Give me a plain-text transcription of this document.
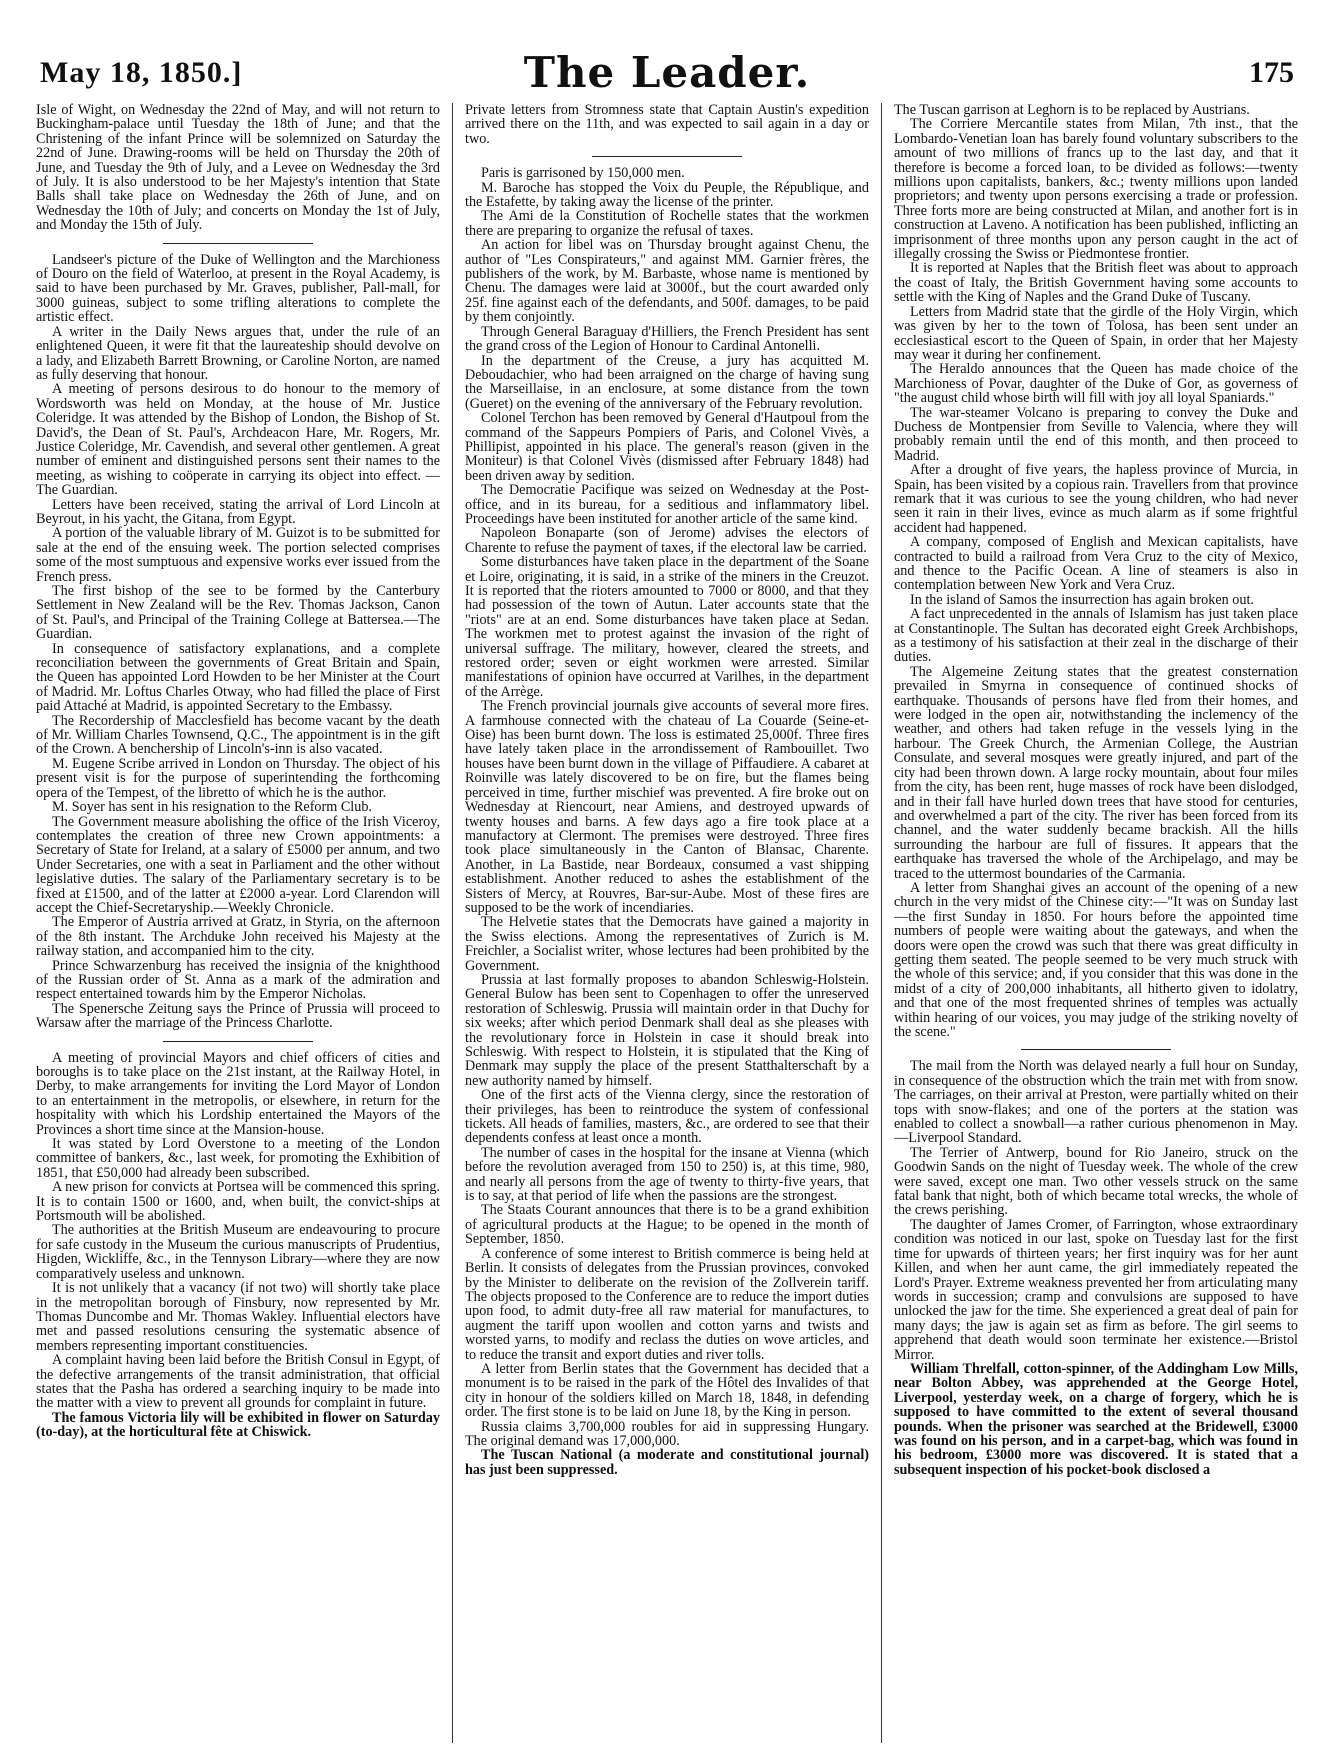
May 18, 1850.]	The Leader.	175

Isle of Wight, on Wednesday the 22nd of May, and will not return to Buckingham-palace until Tuesday the 18th of June; and that the Christening of the infant Prince will be solemnized on Saturday the 22nd of June. Drawing-rooms will be held on Thursday the 20th of June, and Tuesday the 9th of July, and a Levee on Wednesday the 3rd of July. It is also understood to be her Majesty's intention that State Balls shall take place on Wednesday the 26th of June, and on Wednesday the 10th of July; and concerts on Monday the 1st of July, and Monday the 15th of July.

Landseer's picture of the Duke of Wellington and the Marchioness of Douro on the field of Waterloo, at present in the Royal Academy, is said to have been purchased by Mr. Graves, publisher, Pall-mall, for 3000 guineas, subject to some trifling alterations to complete the artistic effect.

A writer in the Daily News argues that, under the rule of an enlightened Queen, it were fit that the laureateship should devolve on a lady, and Elizabeth Barrett Browning, or Caroline Norton, are named as fully deserving that honour.

A meeting of persons desirous to do honour to the memory of Wordsworth was held on Monday, at the house of Mr. Justice Coleridge. It was attended by the Bishop of London, the Bishop of St. David's, the Dean of St. Paul's, Archdeacon Hare, Mr. Rogers, Mr. Justice Coleridge, Mr. Cavendish, and several other gentlemen. A great number of eminent and distinguished persons sent their names to the meeting, as wishing to coöperate in carrying its object into effect. — The Guardian.

Letters have been received, stating the arrival of Lord Lincoln at Beyrout, in his yacht, the Gitana, from Egypt.

A portion of the valuable library of M. Guizot is to be submitted for sale at the end of the ensuing week. The portion selected comprises some of the most sumptuous and expensive works ever issued from the French press.

The first bishop of the see to be formed by the Canterbury Settlement in New Zealand will be the Rev. Thomas Jackson, Canon of St. Paul's, and Principal of the Training College at Battersea.—The Guardian.

In consequence of satisfactory explanations, and a complete reconciliation between the governments of Great Britain and Spain, the Queen has appointed Lord Howden to be her Minister at the Court of Madrid. Mr. Loftus Charles Otway, who had filled the place of First paid Attaché at Madrid, is appointed Secretary to the Embassy.

The Recordership of Macclesfield has become vacant by the death of Mr. William Charles Townsend, Q.C., The appointment is in the gift of the Crown. A benchership of Lincoln's-inn is also vacated.

M. Eugene Scribe arrived in London on Thursday. The object of his present visit is for the purpose of superintending the forthcoming opera of the Tempest, of the libretto of which he is the author.

M. Soyer has sent in his resignation to the Reform Club.

The Government measure abolishing the office of the Irish Viceroy, contemplates the creation of three new Crown appointments: a Secretary of State for Ireland, at a salary of £5000 per annum, and two Under Secretaries, one with a seat in Parliament and the other without legislative duties. The salary of the Parliamentary secretary is to be fixed at £1500, and of the latter at £2000 a-year. Lord Clarendon will accept the Chief-Secretaryship.—Weekly Chronicle.

The Emperor of Austria arrived at Gratz, in Styria, on the afternoon of the 8th instant. The Archduke John received his Majesty at the railway station, and accompanied him to the city.

Prince Schwarzenburg has received the insignia of the knighthood of the Russian order of St. Anna as a mark of the admiration and respect entertained towards him by the Emperor Nicholas.

The Spenersche Zeitung says the Prince of Prussia will proceed to Warsaw after the marriage of the Princess Charlotte.

A meeting of provincial Mayors and chief officers of cities and boroughs is to take place on the 21st instant, at the Railway Hotel, in Derby, to make arrangements for inviting the Lord Mayor of London to an entertainment in the metropolis, or elsewhere, in return for the hospitality with which his Lordship entertained the Mayors of the Provinces a short time since at the Mansion-house.

It was stated by Lord Overstone to a meeting of the London committee of bankers, &c., last week, for promoting the Exhibition of 1851, that £50,000 had already been subscribed.

A new prison for convicts at Portsea will be commenced this spring. It is to contain 1500 or 1600, and, when built, the convict-ships at Portsmouth will be abolished.

The authorities at the British Museum are endeavouring to procure for safe custody in the Museum the curious manuscripts of Prudentius, Higden, Wickliffe, &c., in the Tennyson Library—where they are now comparatively useless and unknown.

It is not unlikely that a vacancy (if not two) will shortly take place in the metropolitan borough of Finsbury, now represented by Mr. Thomas Duncombe and Mr. Thomas Wakley. Influential electors have met and passed resolutions censuring the systematic absence of members representing important constituencies.

A complaint having been laid before the British Consul in Egypt, of the defective arrangements of the transit administration, that official states that the Pasha has ordered a searching inquiry to be made into the matter with a view to prevent all grounds for complaint in future.

The famous Victoria lily will be exhibited in flower on Saturday (to-day), at the horticultural fête at Chiswick.

Private letters from Stromness state that Captain Austin's expedition arrived there on the 11th, and was expected to sail again in a day or two.

Paris is garrisoned by 150,000 men.

M. Baroche has stopped the Voix du Peuple, the République, and the Estafette, by taking away the license of the printer.

The Ami de la Constitution of Rochelle states that the workmen there are preparing to organize the refusal of taxes.

An action for libel was on Thursday brought against Chenu, the author of "Les Conspirateurs," and against MM. Garnier frères, the publishers of the work, by M. Barbaste, whose name is mentioned by Chenu. The damages were laid at 3000f., but the court awarded only 25f. fine against each of the defendants, and 500f. damages, to be paid by them conjointly.

Through General Baraguay d'Hilliers, the French President has sent the grand cross of the Legion of Honour to Cardinal Antonelli.

In the department of the Creuse, a jury has acquitted M. Deboudachier, who had been arraigned on the charge of having sung the Marseillaise, in an enclosure, at some distance from the town (Gueret) on the evening of the anniversary of the February revolution.

Colonel Terchon has been removed by General d'Hautpoul from the command of the Sappeurs Pompiers of Paris, and Colonel Vivès, a Phillipist, appointed in his place. The general's reason (given in the Moniteur) is that Colonel Vivès (dismissed after February 1848) had been driven away by sedition.

The Democratie Pacifique was seized on Wednesday at the Post-office, and in its bureau, for a seditious and inflammatory libel. Proceedings have been instituted for another article of the same kind.

Napoleon Bonaparte (son of Jerome) advises the electors of Charente to refuse the payment of taxes, if the electoral law be carried.

Some disturbances have taken place in the department of the Soane et Loire, originating, it is said, in a strike of the miners in the Creuzot. It is reported that the rioters amounted to 7000 or 8000, and that they had possession of the town of Autun. Later accounts state that the "riots" are at an end. Some disturbances have taken place at Sedan. The workmen met to protest against the invasion of the right of universal suffrage. The military, however, cleared the streets, and restored order; seven or eight workmen were arrested. Similar manifestations of opinion have occurred at Varilhes, in the department of the Arrège.

The French provincial journals give accounts of several more fires. A farmhouse connected with the chateau of La Couarde (Seine-et-Oise) has been burnt down. The loss is estimated 25,000f. Three fires have lately taken place in the arrondissement of Rambouillet. Two houses have been burnt down in the village of Piffaudiere. A cabaret at Roinville was lately discovered to be on fire, but the flames being perceived in time, further mischief was prevented. A fire broke out on Wednesday at Riencourt, near Amiens, and destroyed upwards of twenty houses and barns. A few days ago a fire took place at a manufactory at Clermont. The premises were destroyed. Three fires took place simultaneously in the Canton of Blansac, Charente. Another, in La Bastide, near Bordeaux, consumed a vast shipping establishment. Another reduced to ashes the establishment of the Sisters of Mercy, at Rouvres, Bar-sur-Aube. Most of these fires are supposed to be the work of incendiaries.

The Helvetie states that the Democrats have gained a majority in the Swiss elections. Among the representatives of Zurich is M. Freichler, a Socialist writer, whose lectures had been prohibited by the Government.

Prussia at last formally proposes to abandon Schleswig-Holstein. General Bulow has been sent to Copenhagen to offer the unreserved restoration of Schleswig. Prussia will maintain order in that Duchy for six weeks; after which period Denmark shall deal as she pleases with the revolutionary force in Holstein in case it should break into Schleswig. With respect to Holstein, it is stipulated that the King of Denmark may supply the place of the present Statthalterschaft by a new authority named by himself.

One of the first acts of the Vienna clergy, since the restoration of their privileges, has been to reintroduce the system of confessional tickets. All heads of families, masters, &c., are ordered to see that their dependents confess at least once a month.

The number of cases in the hospital for the insane at Vienna (which before the revolution averaged from 150 to 250) is, at this time, 980, and nearly all persons from the age of twenty to thirty-five years, that is to say, at that period of life when the passions are the strongest.

The Staats Courant announces that there is to be a grand exhibition of agricultural products at the Hague; to be opened in the month of September, 1850.

A conference of some interest to British commerce is being held at Berlin. It consists of delegates from the Prussian provinces, convoked by the Minister to deliberate on the revision of the Zollverein tariff. The objects proposed to the Conference are to reduce the import duties upon food, to admit duty-free all raw material for manufactures, to augment the tariff upon woollen and cotton yarns and twists and worsted yarns, to modify and reclass the duties on wove articles, and to reduce the transit and export duties and river tolls.

A letter from Berlin states that the Government has decided that a monument is to be raised in the park of the Hôtel des Invalides of that city in honour of the soldiers killed on March 18, 1848, in defending order. The first stone is to be laid on June 18, by the King in person.

Russia claims 3,700,000 roubles for aid in suppressing Hungary. The original demand was 17,000,000.

The Tuscan National (a moderate and constitutional journal) has just been suppressed.

The Tuscan garrison at Leghorn is to be replaced by Austrians.

The Corriere Mercantile states from Milan, 7th inst., that the Lombardo-Venetian loan has barely found voluntary subscribers to the amount of two millions of francs up to the last day, and that it therefore is become a forced loan, to be divided as follows:—twenty millions upon capitalists, bankers, &c.; twenty millions upon landed proprietors; and twenty upon persons exercising a trade or profession. Three forts more are being constructed at Milan, and another fort is in construction at Laveno. A notification has been published, inflicting an imprisonment of three months upon any person caught in the act of illegally crossing the Swiss or Piedmontese frontier.

It is reported at Naples that the British fleet was about to approach the coast of Italy, the British Government having some accounts to settle with the King of Naples and the Grand Duke of Tuscany.

Letters from Madrid state that the girdle of the Holy Virgin, which was given by her to the town of Tolosa, has been sent under an ecclesiastical escort to the Queen of Spain, in order that her Majesty may wear it during her confinement.

The Heraldo announces that the Queen has made choice of the Marchioness of Povar, daughter of the Duke of Gor, as governess of "the august child whose birth will fill with joy all loyal Spaniards."

The war-steamer Volcano is preparing to convey the Duke and Duchess de Montpensier from Seville to Valencia, where they will probably remain until the end of this month, and then proceed to Madrid.

After a drought of five years, the hapless province of Murcia, in Spain, has been visited by a copious rain. Travellers from that province remark that it was curious to see the young children, who had never seen it rain in their lives, evince as much alarm as if some frightful accident had happened.

A company, composed of English and Mexican capitalists, have contracted to build a railroad from Vera Cruz to the city of Mexico, and thence to the Pacific Ocean. A line of steamers is also in contemplation between New York and Vera Cruz.

In the island of Samos the insurrection has again broken out.

A fact unprecedented in the annals of Islamism has just taken place at Constantinople. The Sultan has decorated eight Greek Archbishops, as a testimony of his satisfaction at their zeal in the discharge of their duties.

The Algemeine Zeitung states that the greatest consternation prevailed in Smyrna in consequence of continued shocks of earthquake. Thousands of persons have fled from their homes, and were lodged in the open air, notwithstanding the inclemency of the weather, and others had taken refuge in the vessels lying in the harbour. The Greek Church, the Armenian College, the Austrian Consulate, and several mosques were greatly injured, and part of the city had been thrown down. A large rocky mountain, about four miles from the city, has been rent, huge masses of rock have been dislodged, and in their fall have hurled down trees that have stood for centuries, and overwhelmed a part of the city. The river has been forced from its channel, and the water suddenly became brackish. All the hills surrounding the harbour are full of fissures. It appears that the earthquake has traversed the whole of the Archipelago, and may be traced to the uttermost boundaries of the Carmania.

A letter from Shanghai gives an account of the opening of a new church in the very midst of the Chinese city:—"It was on Sunday last—the first Sunday in 1850. For hours before the appointed time numbers of people were waiting about the gateways, and when the doors were open the crowd was such that there was great difficulty in getting them seated. The people seemed to be very much struck with the whole of this service; and, if you consider that this was done in the midst of a city of 200,000 inhabitants, all hitherto given to idolatry, and that one of the most frequented shrines of temples was actually within hearing of our voices, you may judge of the striking novelty of the scene."

The mail from the North was delayed nearly a full hour on Sunday, in consequence of the obstruction which the train met with from snow. The carriages, on their arrival at Preston, were partially whited on their tops with snow-flakes; and one of the porters at the station was enabled to collect a snowball—a rather curious phenomenon in May.—Liverpool Standard.

The Terrier of Antwerp, bound for Rio Janeiro, struck on the Goodwin Sands on the night of Tuesday week. The whole of the crew were saved, except one man. Two other vessels struck on the same fatal bank that night, both of which became total wrecks, the whole of the crews perishing.

The daughter of James Cromer, of Farrington, whose extraordinary condition was noticed in our last, spoke on Tuesday last for the first time for upwards of thirteen years; her first inquiry was for her aunt Killen, and when her aunt came, the girl immediately repeated the Lord's Prayer. Extreme weakness prevented her from articulating many words in succession; cramp and convulsions are supposed to have unlocked the jaw for the time. She experienced a great deal of pain for many days; the jaw is again set as firm as before. The girl seems to apprehend that death would soon terminate her existence.—Bristol Mirror.

William Threlfall, cotton-spinner, of the Addingham Low Mills, near Bolton Abbey, was apprehended at the George Hotel, Liverpool, yesterday week, on a charge of forgery, which he is supposed to have committed to the extent of several thousand pounds. When the prisoner was searched at the Bridewell, £3000 was found on his person, and in a carpet-bag, which was found in his bedroom, £3000 more was discovered. It is stated that a subsequent inspection of his pocket-book disclosed a
